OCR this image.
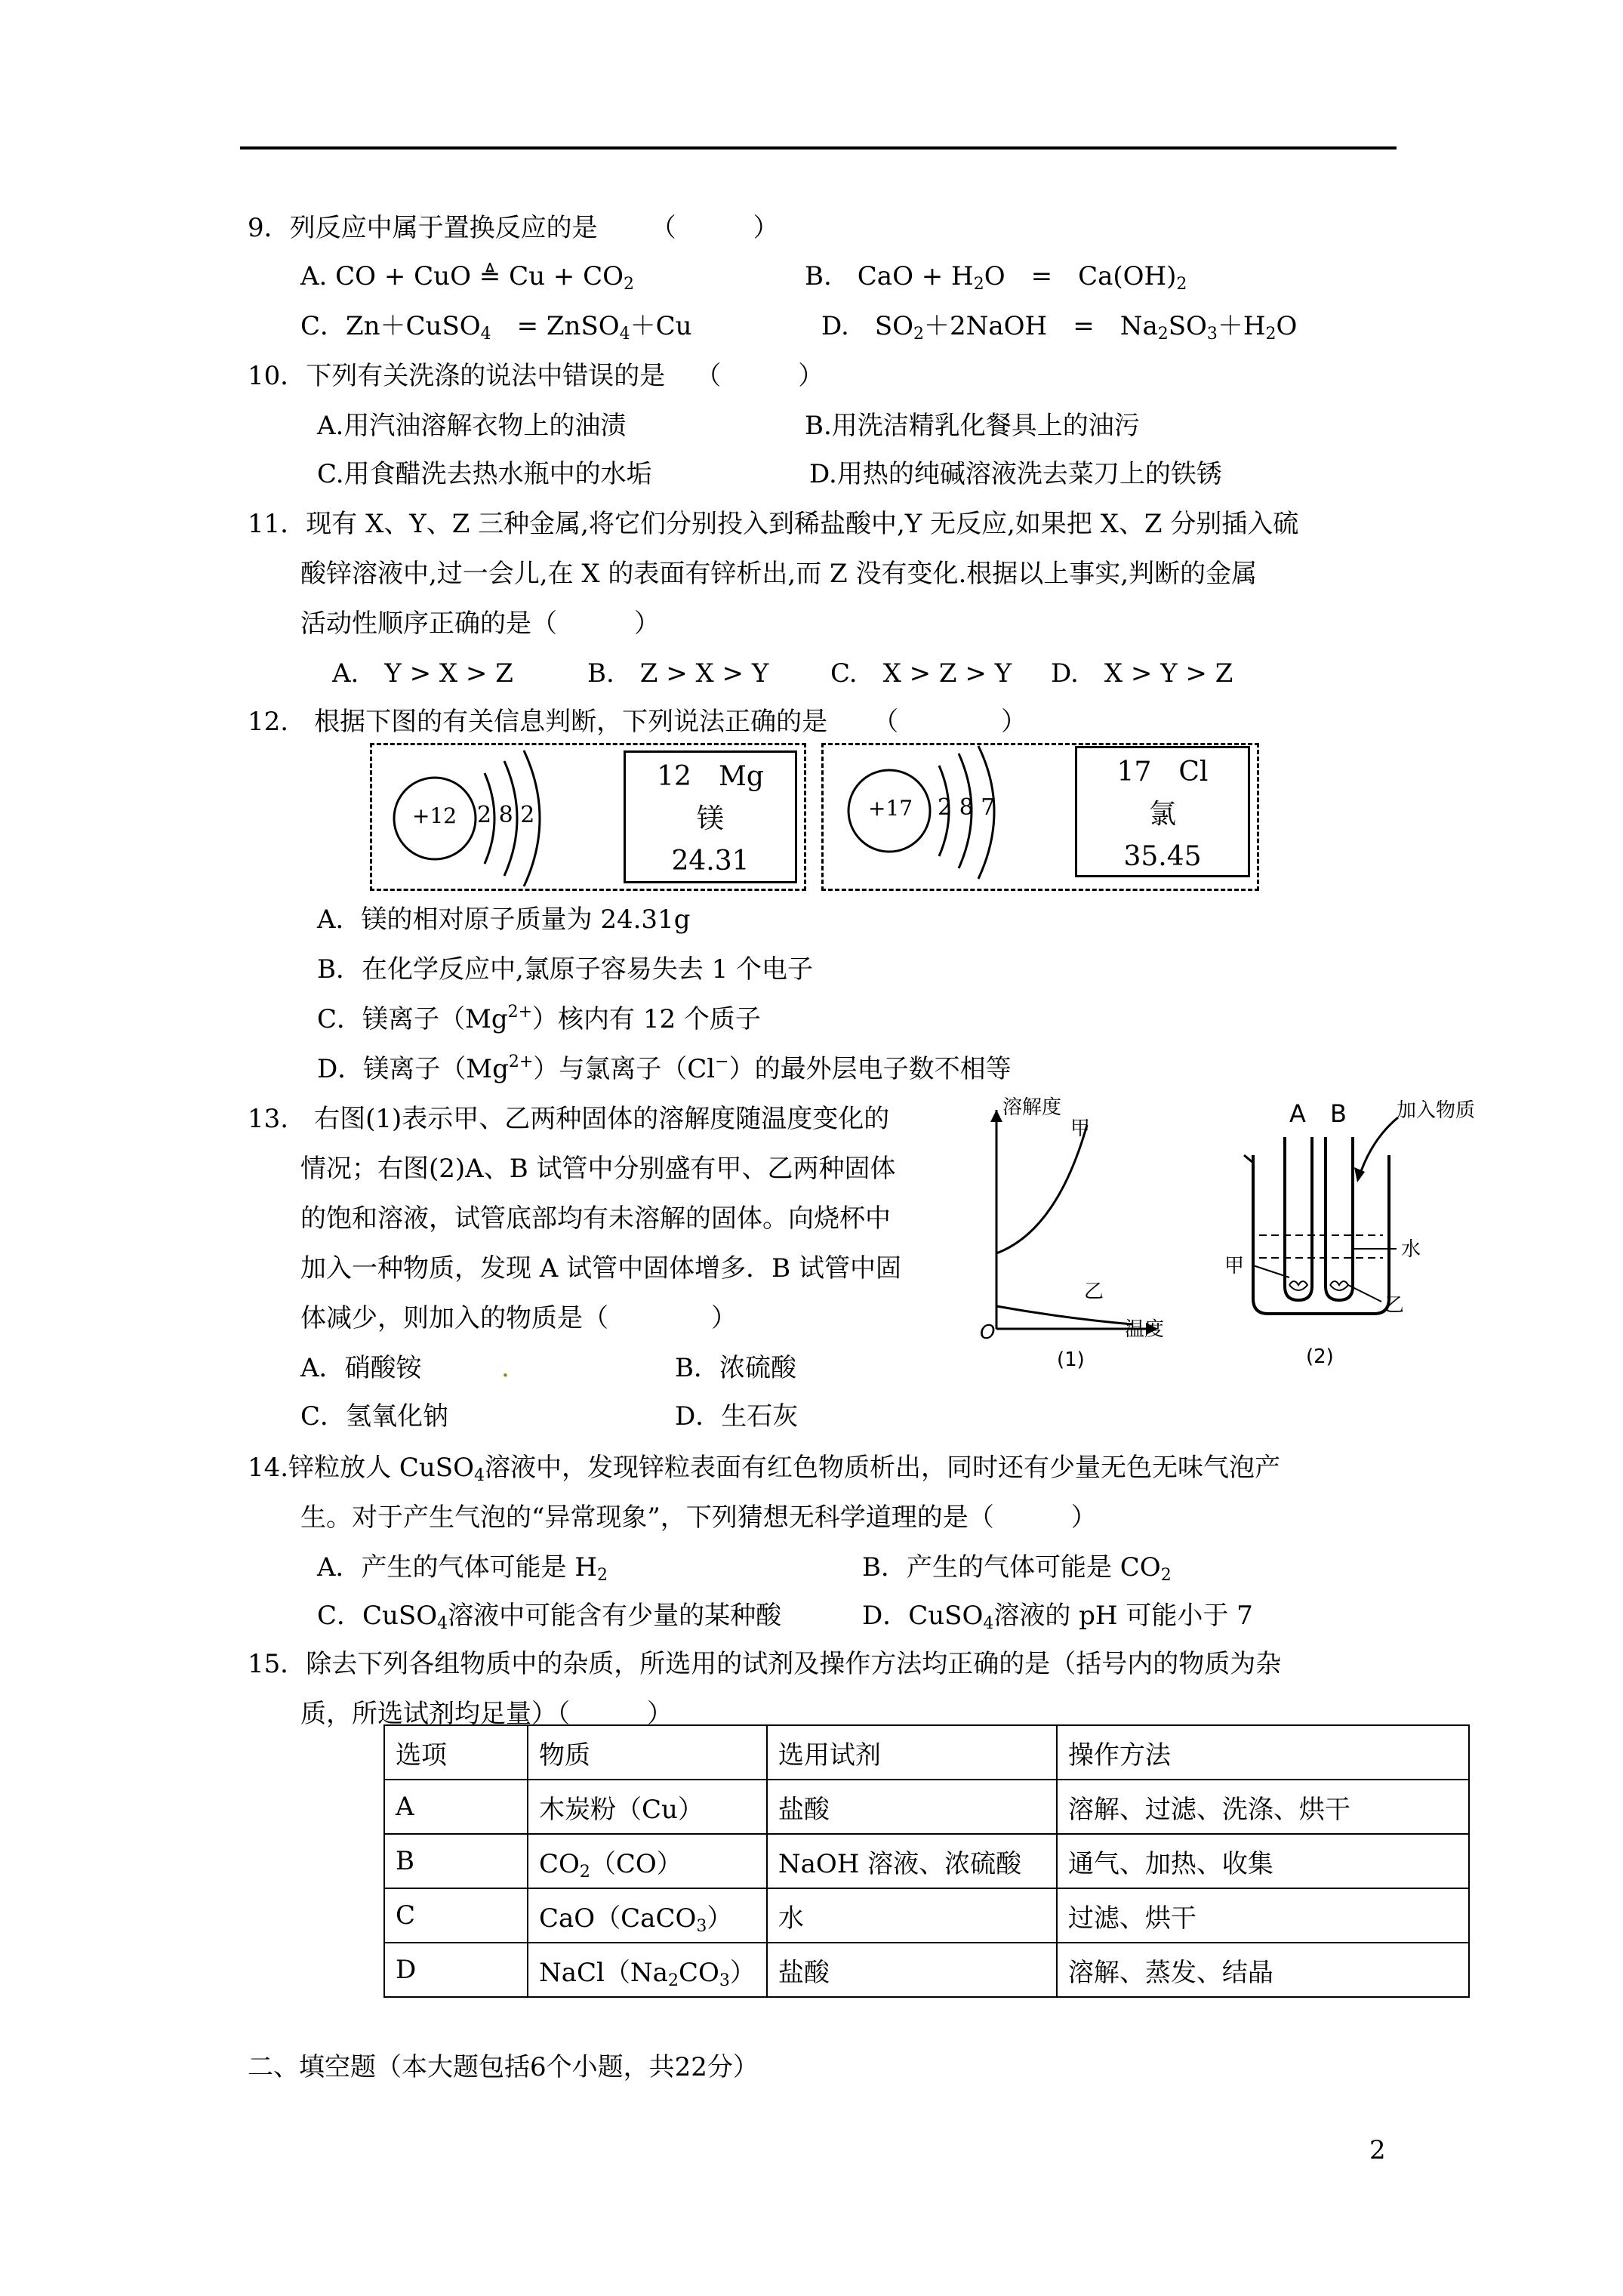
9．列反应中属于置换反应的是 （　　　）
A. CO + CuO ≜ $Cu + CO_2$	B.　CaO + $H_2O$　=　$Ca(OH)_2$
C．Zn＋CuSO$_4$　= ZnSO$_4$＋Cu	D.　$SO_2+2NaOH$　=　$Na_2SO_3+H_2O$
10．下列有关洗涤的说法中错误的是 （　　　）
A.用汽油溶解衣物上的油渍	B.用洗洁精乳化餐具上的油污
C.用食醋洗去热水瓶中的水垢	D.用热的纯碱溶液洗去菜刀上的铁锈
11．现有 X、Y、Z 三种金属,将它们分别投入到稀盐酸中,Y 无反应,如果把 X、Z 分别插入硫
酸锌溶液中,过一会儿,在 X 的表面有锌析出,而 Z 没有变化.根据以上事实,判断的金属
活动性顺序正确的是（　　　）
A.　Y > X > Z	B.　Z > X > Y C.　X > Z > Y D.　X > Y > Z
12.　根据下图的有关信息判断，下列说法正确的是 （　　　　）
+12 2 8 2
12　 Mg
镁
24.31
+17 2 8 7
17　 Cl
氯
35.45
A．镁的相对原子质量为 24.31g
B．在化学反应中,氯原子容易失去 1 个电子
C．镁离子$(Mg^{2+})$核内有 12 个质子
D．镁离子$(Mg^{2+})$与氯离子（Cl−）的最外层电子数不相等
13.　右图(1)表示甲、乙两种固体的溶解度随温度变化的
情况；右图(2)A、B 试管中分别盛有甲、乙两种固体
的饱和溶液，试管底部均有未溶解的固体。向烧杯中
加入一种物质，发现 A 试管中固体增多．B 试管中固
体减少，则加入的物质是（　　　　）
A．硝酸铵	.	B．浓硫酸
C．氢氧化钠	D．生石灰
溶解度
甲
乙
O	温度
(1)
A B	加入物质
水
甲
乙
(2)
14.锌粒放人 CuSO$_4$溶液中，发现锌粒表面有红色物质析出，同时还有少量无色无味气泡产
生。对于产生气泡的“异常现象”，下列猜想无科学道理的是（　　　）
A．产生的气体可能是 $H_2$	B．产生的气体可能是 $CO_2$
C．CuSO$_4$溶液中可能含有少量的某种酸	D．CuSO$_4$溶液的 pH 可能小于 7
15．除去下列各组物质中的杂质，所选用的试剂及操作方法均正确的是（括号内的物质为杂
质，所选试剂均足量）（　　　）
选项	物质	选用试剂	操作方法
A	木炭粉（Cu）	盐酸	溶解、过滤、洗涤、烘干
B	$CO_2(CO)$	NaOH 溶液、浓硫酸	通气、加热、收集
C	CaO（CaCO$_3$）	水	过滤、烘干
D	$NaCl(Na_2CO_3)$	盐酸	溶解、蒸发、结晶
二、填空题（本大题包括6个小题，共22分）
2
